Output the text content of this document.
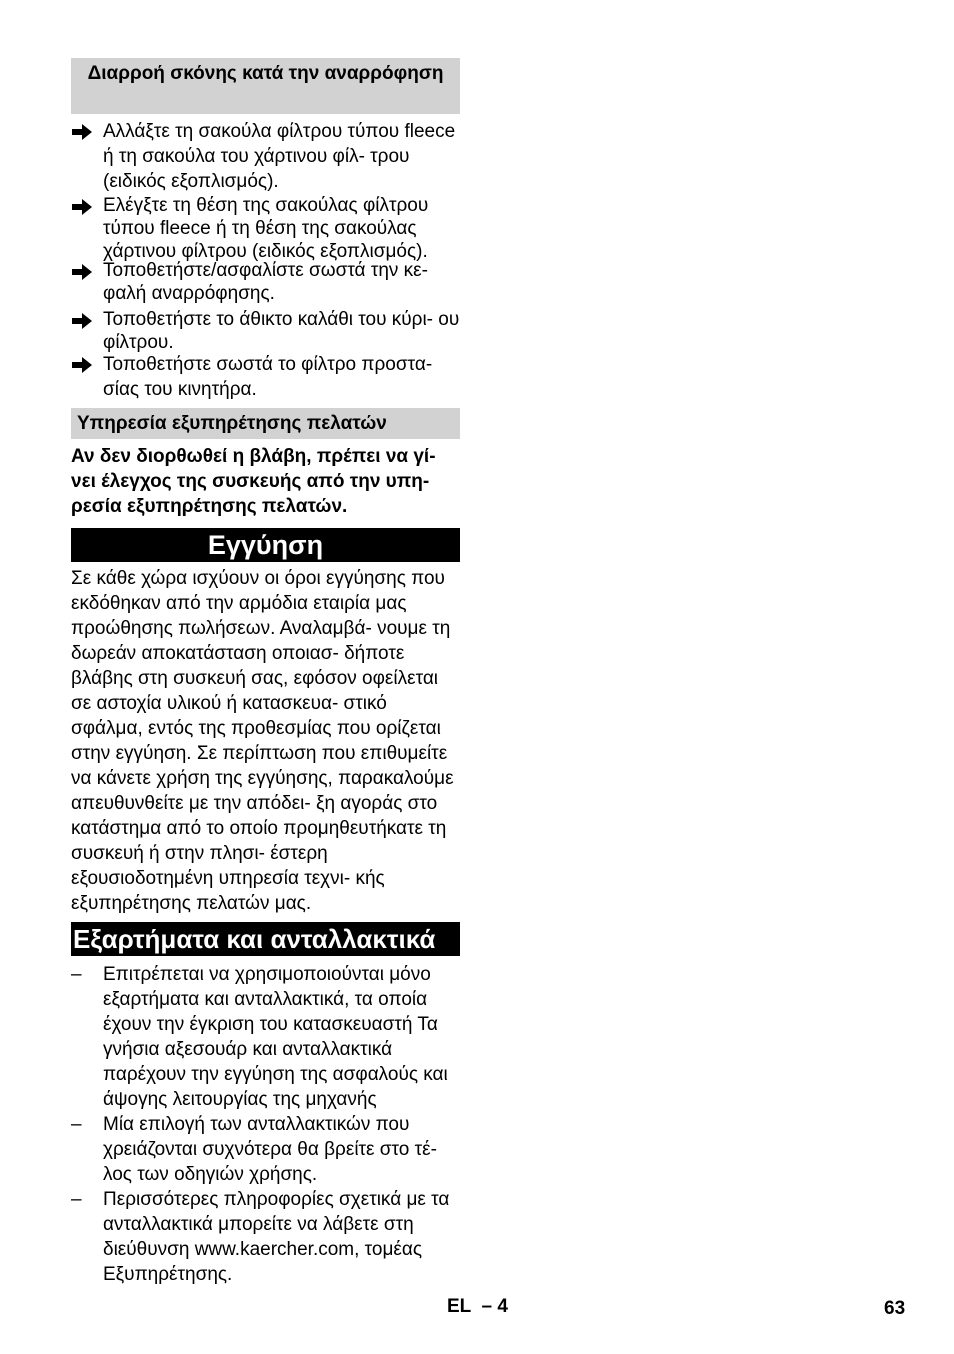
Διαρροή σκόνης κατά την αναρρόφηση
Αλλάξτε τη σακούλα φίλτρου τύπου fleece ή τη σακούλα του χάρτινου φίλ- τρου (ειδικός εξοπλισμός).
Ελέγξτε τη θέση της σακούλας φίλτρου τύπου fleece ή τη θέση της σακούλας χάρτινου φίλτρου (ειδικός εξοπλισμός).
Τοποθετήστε/ασφαλίστε σωστά την κε- φαλή αναρρόφησης.
Τοποθετήστε το άθικτο καλάθι του κύρι- ου φίλτρου.
Τοποθετήστε σωστά το φίλτρο προστα- σίας του κινητήρα.
Υπηρεσία εξυπηρέτησης πελατών
Αν δεν διορθωθεί η βλάβη, πρέπει να γί- νει έλεγχος της συσκευής από την υπη- ρεσία εξυπηρέτησης πελατών.
Εγγύηση
Σε κάθε χώρα ισχύουν οι όροι εγγύησης που εκδόθηκαν από την αρμόδια εταιρία μας προώθησης πωλήσεων. Αναλαμβά- νουμε τη δωρεάν αποκατάσταση οποιασ- δήποτε βλάβης στη συσκευή σας, εφόσον οφείλεται σε αστοχία υλικού ή κατασκευα- στικό σφάλμα, εντός της προθεσμίας που ορίζεται στην εγγύηση. Σε περίπτωση που επιθυμείτε να κάνετε χρήση της εγγύησης, παρακαλούμε απευθυνθείτε με την απόδει- ξη αγοράς στο κατάστημα από το οποίο προμηθευτήκατε τη συσκευή ή στην πλησι- έστερη εξουσιοδοτημένη υπηρεσία τεχνι- κής εξυπηρέτησης πελατών μας.
Εξαρτήματα και ανταλλακτικά
–	Επιτρέπεται να χρησιμοποιούνται μόνο εξαρτήματα και ανταλλακτικά, τα οποία έχουν την έγκριση του κατασκευαστή Τα γνήσια αξεσουάρ και ανταλλακτικά παρέχουν την εγγύηση της ασφαλούς και άψογης λειτουργίας της μηχανής
–	Μία επιλογή των ανταλλακτικών που χρειάζονται συχνότερα θα βρείτε στο τέ- λος των οδηγιών χρήσης.
–	Περισσότερες πληροφορίες σχετικά με τα ανταλλακτικά μπορείτε να λάβετε στη διεύθυνση www.kaercher.com, τομέας Εξυπηρέτησης.
EL  – 4	63
